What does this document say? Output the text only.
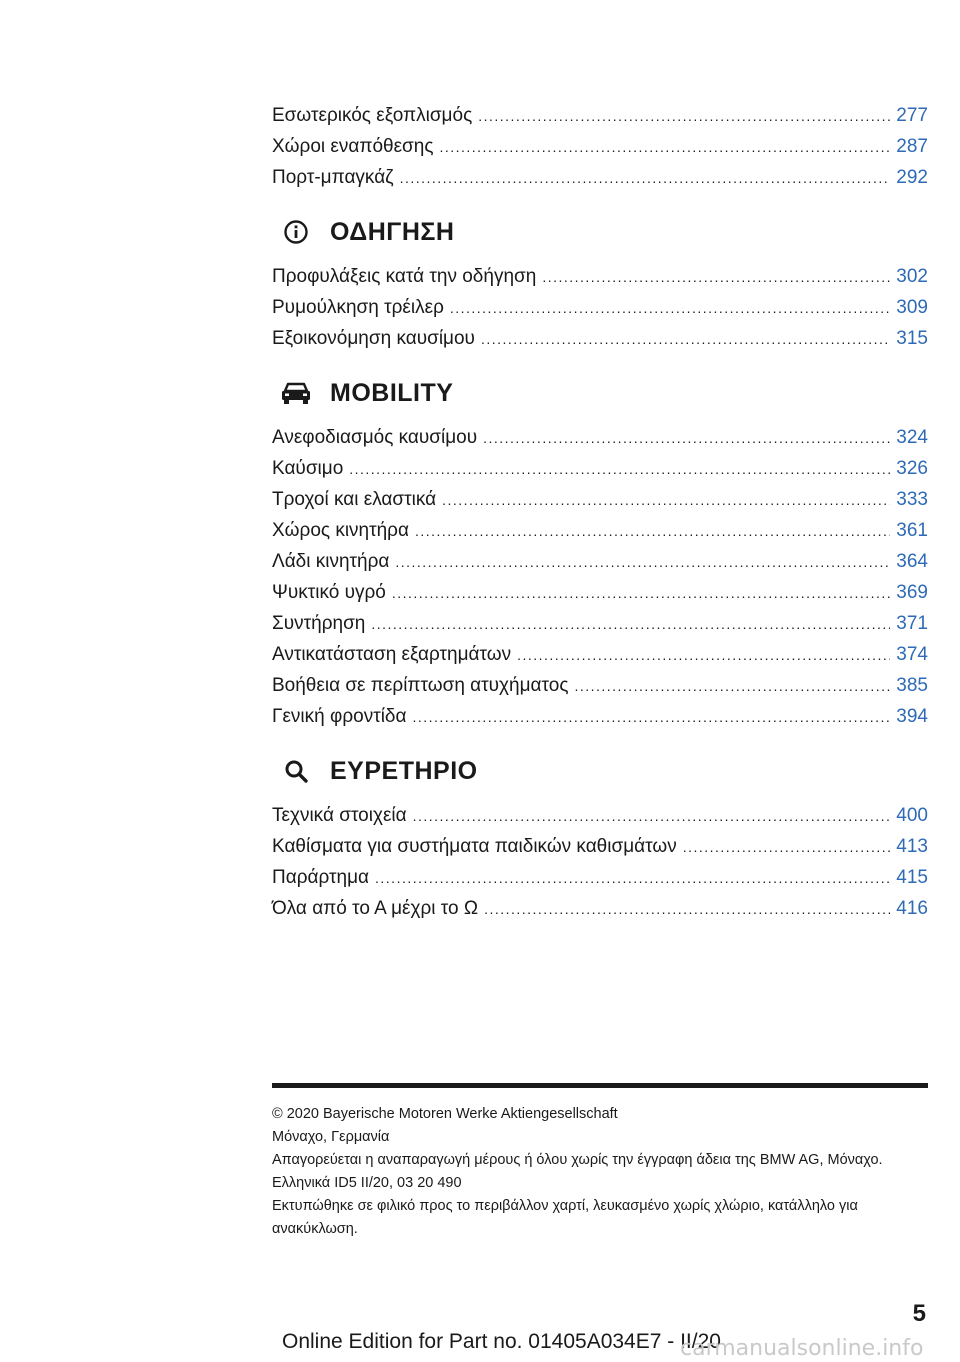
Εσωτερικός εξοπλισμός . . .	277
Χώροι εναπόθεσης . . .	287
Πορτ-μπαγκάζ . . .	292
ΟΔΗΓΗΣΗ
Προφυλάξεις κατά την οδήγηση . . .	302
Ρυμούλκηση τρέιλερ . . .	309
Εξοικονόμηση καυσίμου . . .	315
MOBILITY
Ανεφοδιασμός καυσίμου . . .	324
Καύσιμο . . .	326
Τροχοί και ελαστικά . . .	333
Χώρος κινητήρα . . .	361
Λάδι κινητήρα . . .	364
Ψυκτικό υγρό . . .	369
Συντήρηση . . .	371
Αντικατάσταση εξαρτημάτων . . .	374
Βοήθεια σε περίπτωση ατυχήματος . . .	385
Γενική φροντίδα . . .	394
ΕΥΡΕΤΗΡΙΟ
Τεχνικά στοιχεία . . .	400
Καθίσματα για συστήματα παιδικών καθισμάτων . . .	413
Παράρτημα . . .	415
Όλα από το Α μέχρι το Ω . . .	416
© 2020 Bayerische Motoren Werke Aktiengesellschaft
Μόναχο, Γερμανία
Απαγορεύεται η αναπαραγωγή μέρους ή όλου χωρίς την έγγραφη άδεια της BMW AG, Μόναχο.
Ελληνικά ID5 II/20, 03 20 490
Εκτυπώθηκε σε φιλικό προς το περιβάλλον χαρτί, λευκασμένο χωρίς χλώριο, κατάλληλο για ανακύκλωση.
5
Online Edition for Part no. 01405A034E7 - II/20
carmanualsonline.info
